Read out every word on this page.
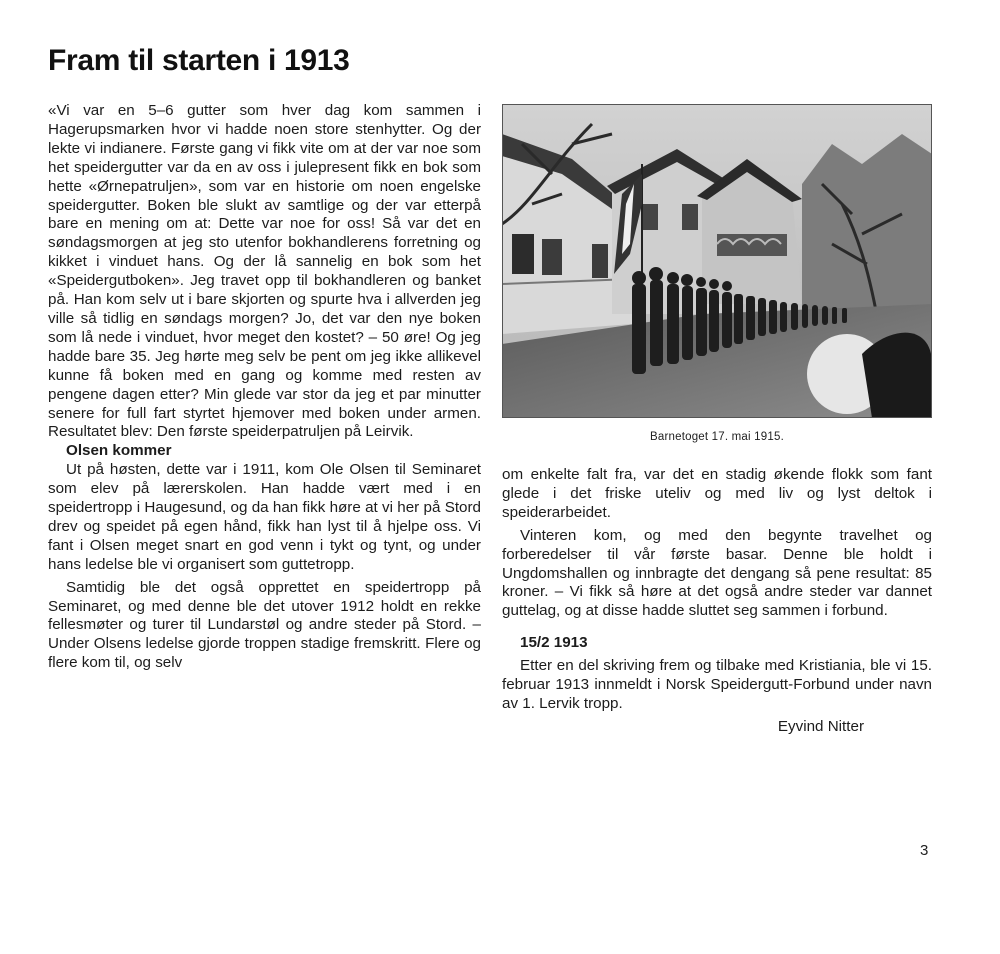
Fram til starten i 1913

«Vi var en 5–6 gutter som hver dag kom sammen i Hagerupsmarken hvor vi hadde noen store stenhytter. Og der lekte vi indianere. Første gang vi fikk vite om at der var noe som het speidergutter var da en av oss i julepresent fikk en bok som hette «Ørnepatruljen», som var en historie om noen engelske speidergutter. Boken ble slukt av samtlige og der var etterpå bare en mening om at: Dette var noe for oss! Så var det en søndagsmorgen at jeg sto utenfor bokhandlerens forretning og kikket i vinduet hans. Og der lå sannelig en bok som het «Speidergutboken». Jeg travet opp til bokhandleren og banket på. Han kom selv ut i bare skjorten og spurte hva i allverden jeg ville så tidlig en søndags morgen? Jo, det var den nye boken som lå nede i vinduet, hvor meget den kostet? – 50 øre! Og jeg hadde bare 35. Jeg hørte meg selv be pent om jeg ikke allikevel kunne få boken med en gang og komme med resten av pengene dagen etter? Min glede var stor da jeg et par minutter senere for full fart styrtet hjemover med boken under armen. Resultatet blev: Den første speiderpatruljen på Leirvik.

Olsen kommer

Ut på høsten, dette var i 1911, kom Ole Olsen til Seminaret som elev på lærerskolen. Han hadde vært med i en speidertropp i Haugesund, og da han fikk høre at vi her på Stord drev og speidet på egen hånd, fikk han lyst til å hjelpe oss. Vi fant i Olsen meget snart en god venn i tykt og tynt, og under hans ledelse ble vi organisert som guttetropp.

Samtidig ble det også opprettet en speidertropp på Seminaret, og med denne ble det utover 1912 holdt en rekke fellesmøter og turer til Lundarstøl og andre steder på Stord. – Under Olsens ledelse gjorde troppen stadige fremskritt. Flere og flere kom til, og selv

Barnetoget 17. mai 1915.

om enkelte falt fra, var det en stadig økende flokk som fant glede i det friske uteliv og med liv og lyst deltok i speiderarbeidet.

Vinteren kom, og med den begynte travelhet og forberedelser til vår første basar. Denne ble holdt i Ungdomshallen og innbragte det dengang så pene resultat: 85 kroner. – Vi fikk så høre at det også andre steder var dannet guttelag, og at disse hadde sluttet seg sammen i forbund.

15/2 1913

Etter en del skriving frem og tilbake med Kristiania, ble vi 15. februar 1913 innmeldt i Norsk Speidergutt-Forbund under navn av 1. Lervik tropp.

Eyvind Nitter

3
